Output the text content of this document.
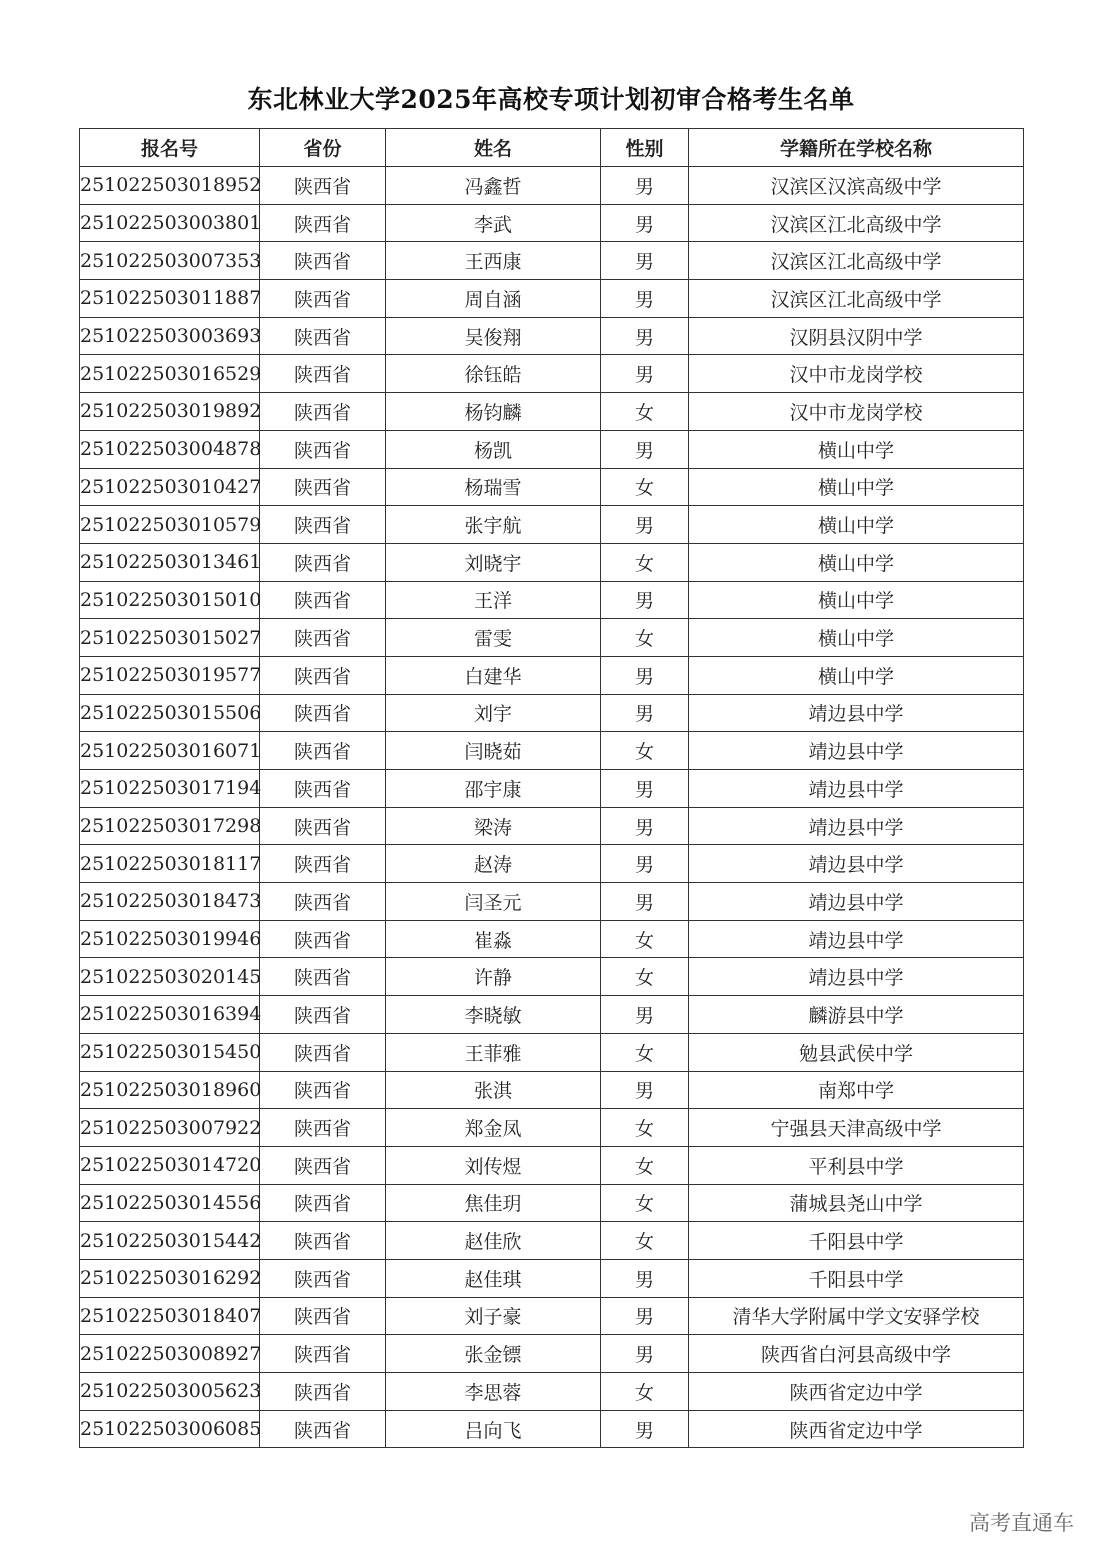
东北林业大学2025年高校专项计划初审合格考生名单
报名号	省份	姓名	性别	学籍所在学校名称
251022503018952	陕西省	冯鑫哲	男	汉滨区汉滨高级中学
251022503003801	陕西省	李武	男	汉滨区江北高级中学
251022503007353	陕西省	王西康	男	汉滨区江北高级中学
251022503011887	陕西省	周自涵	男	汉滨区江北高级中学
251022503003693	陕西省	吴俊翔	男	汉阴县汉阴中学
251022503016529	陕西省	徐钰皓	男	汉中市龙岗学校
251022503019892	陕西省	杨钧麟	女	汉中市龙岗学校
251022503004878	陕西省	杨凯	男	横山中学
251022503010427	陕西省	杨瑞雪	女	横山中学
251022503010579	陕西省	张宇航	男	横山中学
251022503013461	陕西省	刘晓宇	女	横山中学
251022503015010	陕西省	王洋	男	横山中学
251022503015027	陕西省	雷雯	女	横山中学
251022503019577	陕西省	白建华	男	横山中学
251022503015506	陕西省	刘宇	男	靖边县中学
251022503016071	陕西省	闫晓茹	女	靖边县中学
251022503017194	陕西省	邵宇康	男	靖边县中学
251022503017298	陕西省	梁涛	男	靖边县中学
251022503018117	陕西省	赵涛	男	靖边县中学
251022503018473	陕西省	闫圣元	男	靖边县中学
251022503019946	陕西省	崔淼	女	靖边县中学
251022503020145	陕西省	许静	女	靖边县中学
251022503016394	陕西省	李晓敏	男	麟游县中学
251022503015450	陕西省	王菲雅	女	勉县武侯中学
251022503018960	陕西省	张淇	男	南郑中学
251022503007922	陕西省	郑金凤	女	宁强县天津高级中学
251022503014720	陕西省	刘传煜	女	平利县中学
251022503014556	陕西省	焦佳玥	女	蒲城县尧山中学
251022503015442	陕西省	赵佳欣	女	千阳县中学
251022503016292	陕西省	赵佳琪	男	千阳县中学
251022503018407	陕西省	刘子豪	男	清华大学附属中学文安驿学校
251022503008927	陕西省	张金镖	男	陕西省白河县高级中学
251022503005623	陕西省	李思蓉	女	陕西省定边中学
251022503006085	陕西省	吕向飞	男	陕西省定边中学
高考直通车
